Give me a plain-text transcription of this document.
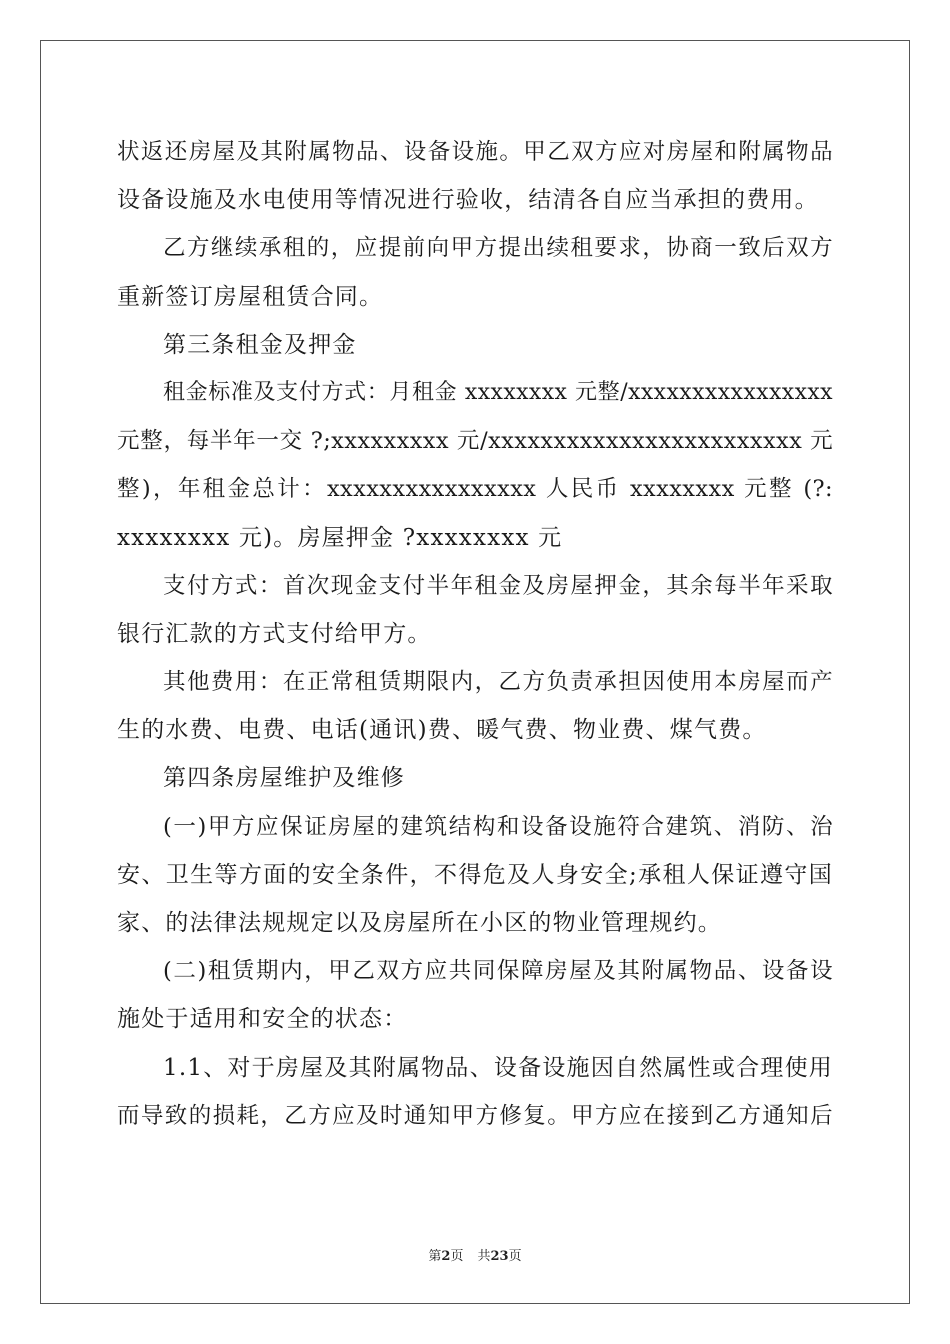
状返还房屋及其附属物品、设备设施。甲乙双方应对房屋和附属物品
设备设施及水电使用等情况进行验收，结清各自应当承担的费用。
乙方继续承租的，应提前向甲方提出续租要求，协商一致后双方
重新签订房屋租赁合同。
第三条租金及押金
租金标准及支付方式：月租金 xxxxxxxx 元整/xxxxxxxxxxxxxxxx
元整，每半年一交 ?;xxxxxxxxx 元/xxxxxxxxxxxxxxxxxxxxxxxx 元
整)，年租金总计：xxxxxxxxxxxxxxxx 人民币 xxxxxxxx 元整 (?:
xxxxxxxx 元)。房屋押金 ?xxxxxxxx 元
支付方式：首次现金支付半年租金及房屋押金，其余每半年采取
银行汇款的方式支付给甲方。
其他费用：在正常租赁期限内，乙方负责承担因使用本房屋而产
生的水费、电费、电话(通讯)费、暖气费、物业费、煤气费。
第四条房屋维护及维修
(一)甲方应保证房屋的建筑结构和设备设施符合建筑、消防、治
安、卫生等方面的安全条件，不得危及人身安全;承租人保证遵守国
家、的法律法规规定以及房屋所在小区的物业管理规约。
(二)租赁期内，甲乙双方应共同保障房屋及其附属物品、设备设
施处于适用和安全的状态：
1.1、对于房屋及其附属物品、设备设施因自然属性或合理使用
而导致的损耗，乙方应及时通知甲方修复。甲方应在接到乙方通知后
第2页 共23页
